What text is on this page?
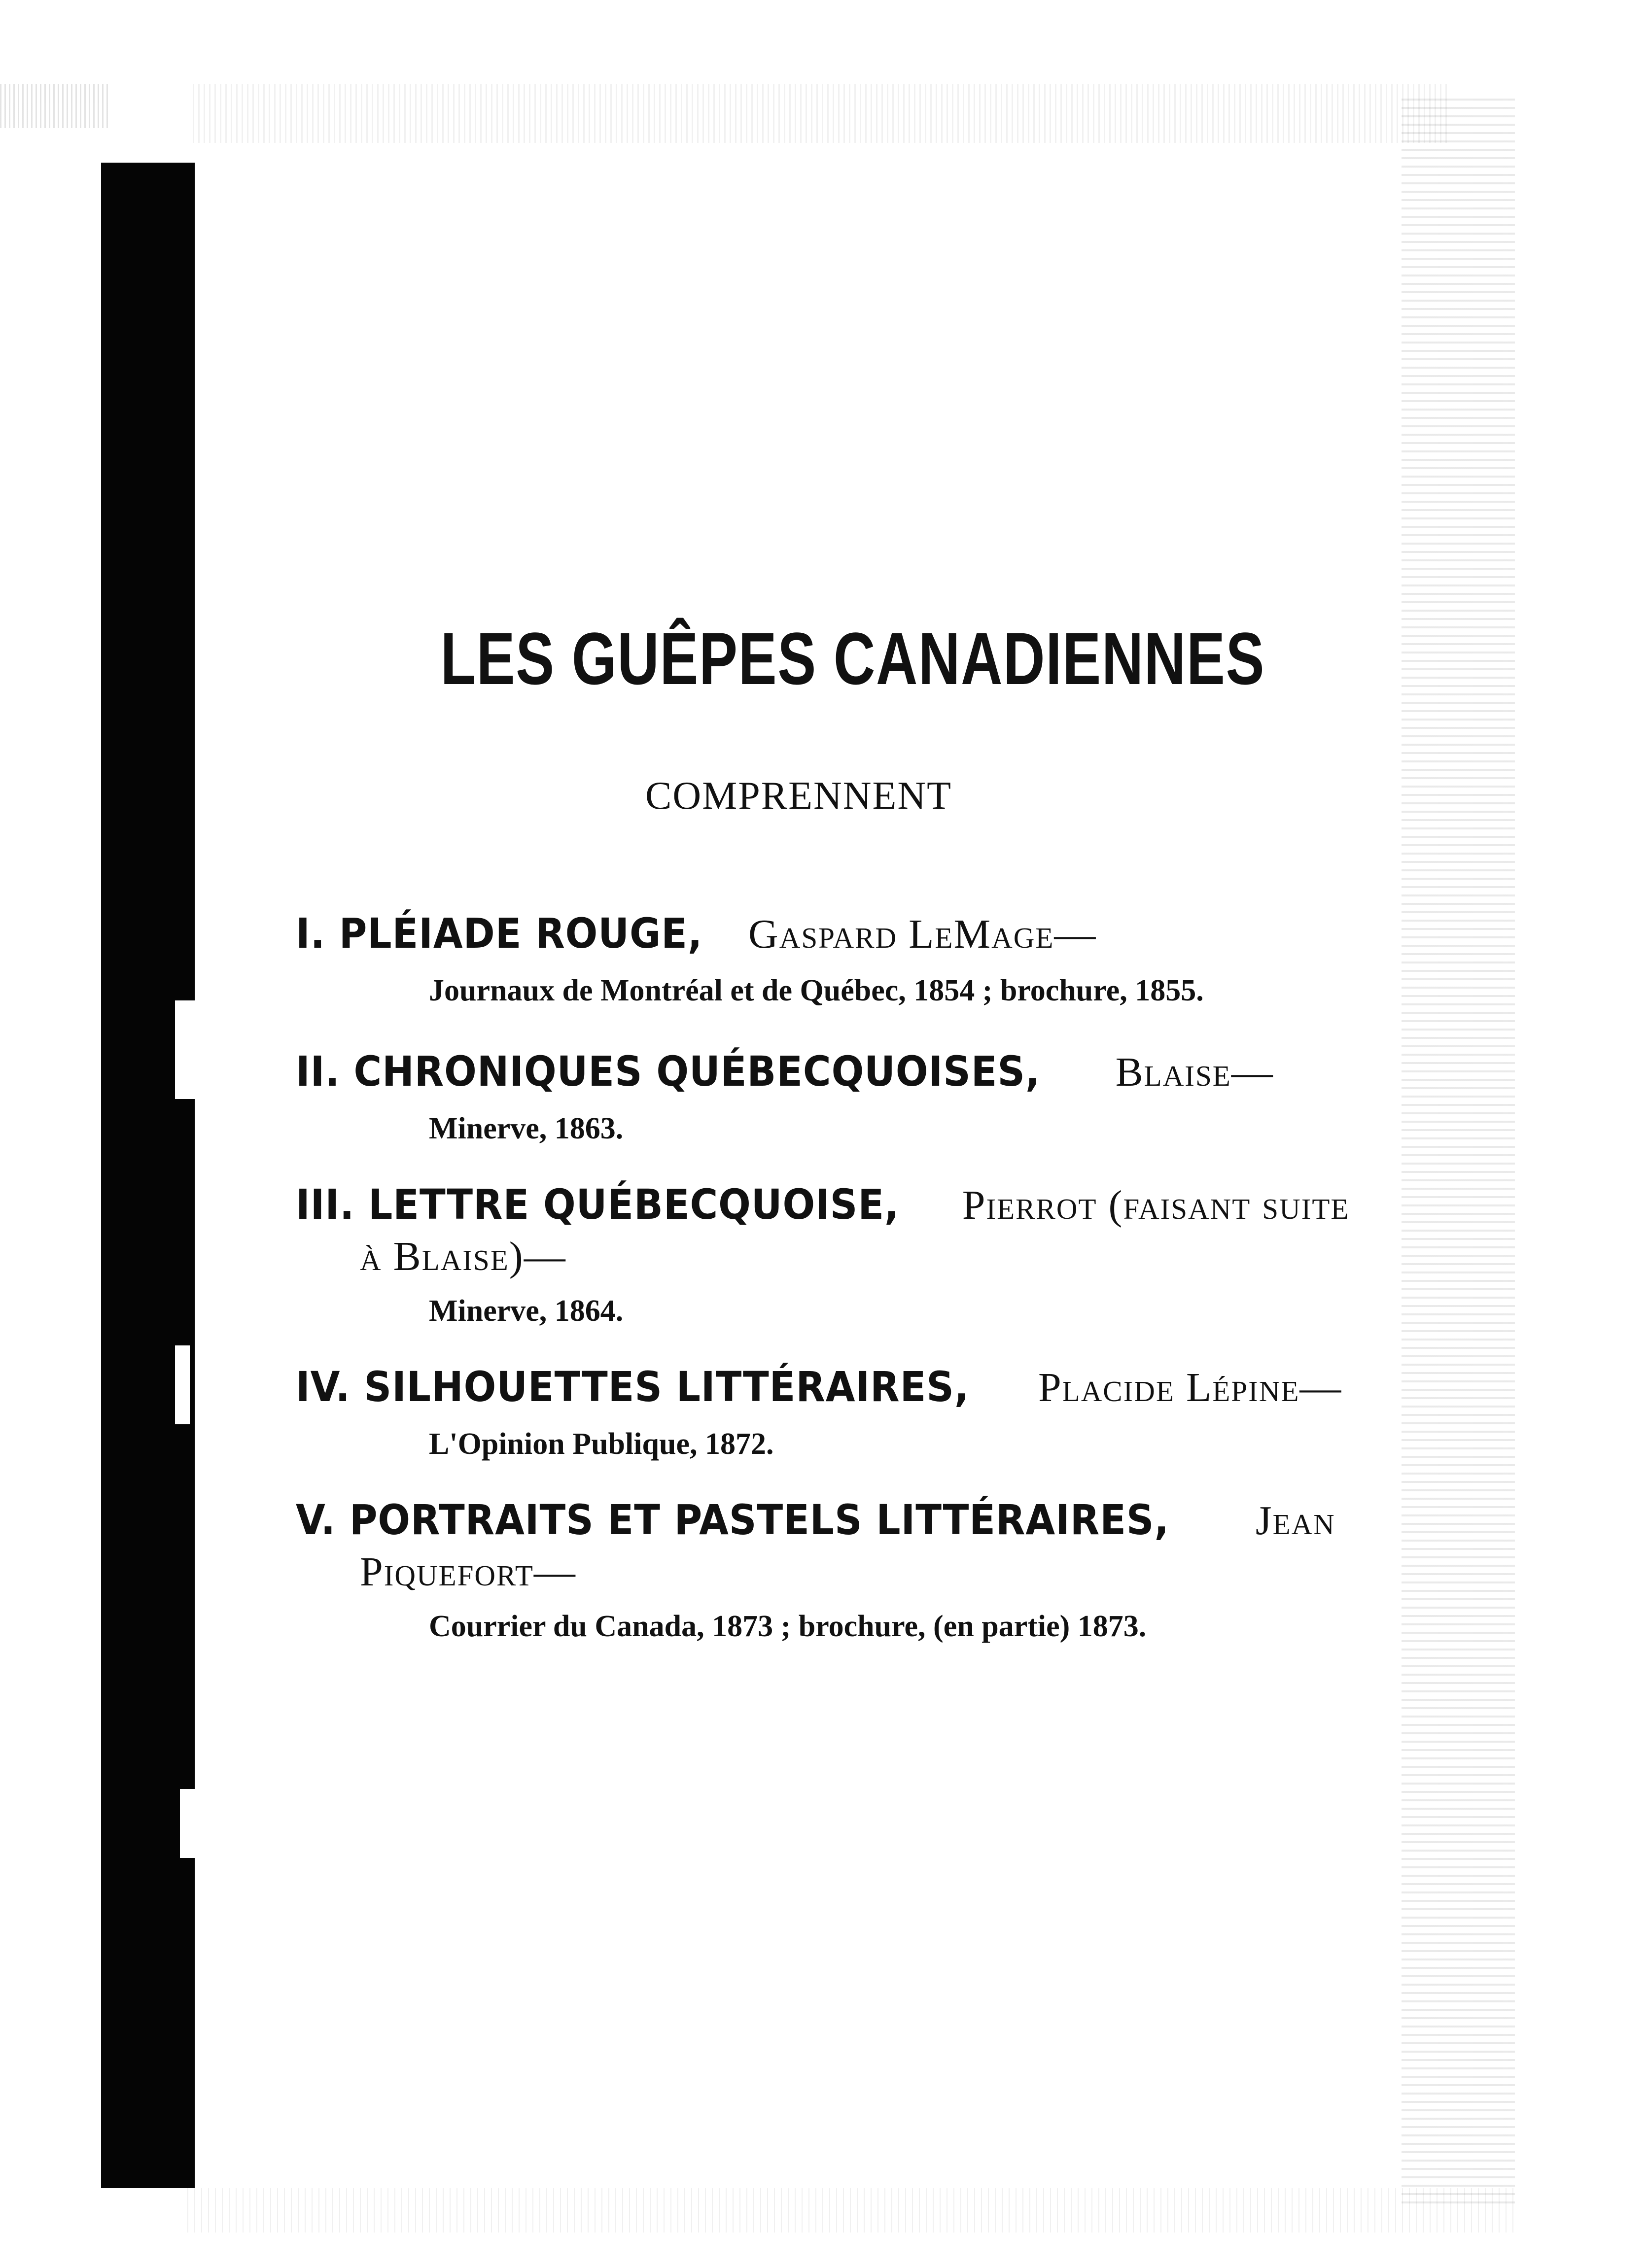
LES GUÊPES CANADIENNES
COMPRENNENT
I. PLÉIADE ROUGE, Gaspard LeMage—
Journaux de Montréal et de Québec, 1854 ; brochure, 1855.
II. CHRONIQUES QUÉBECQUOISES, Blaise—
Minerve, 1863.
III. LETTRE QUÉBECQUOISE, Pierrot (faisant suite
à Blaise)—
Minerve, 1864.
IV. SILHOUETTES LITTÉRAIRES, Placide Lépine—
L'Opinion Publique, 1872.
V. PORTRAITS ET PASTELS LITTÉRAIRES, Jean
Piquefort—
Courrier du Canada, 1873 ; brochure, (en partie) 1873.
